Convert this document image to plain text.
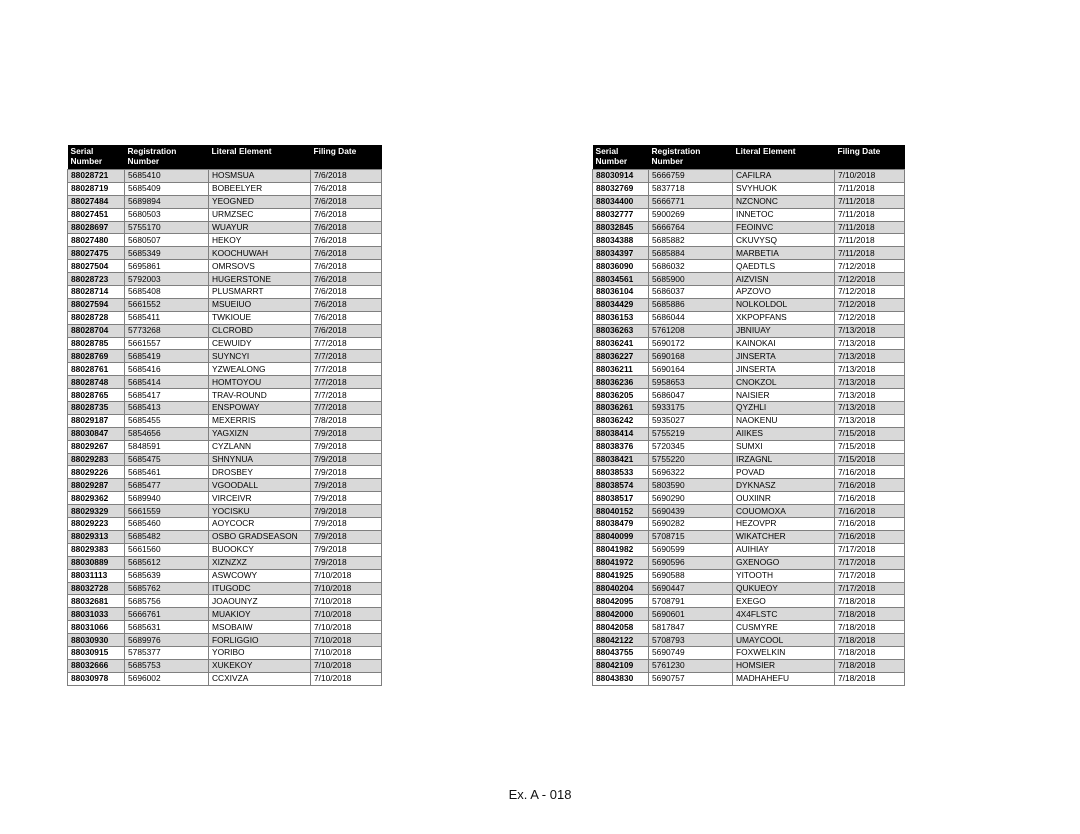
Serial Number	Registration Number	Literal Element	Filing Date
88028721	5685410	HOSMSUA	7/6/2018
88028719	5685409	BOBEELYER	7/6/2018
88027484	5689894	YEOGNED	7/6/2018
88027451	5680503	URMZSEC	7/6/2018
88028697	5755170	WUAYUR	7/6/2018
88027480	5680507	HEKOY	7/6/2018
88027475	5685349	KOOCHUWAH	7/6/2018
88027504	5695861	OMRSOVS	7/6/2018
88028723	5792003	HUGERSTONE	7/6/2018
88028714	5685408	PLUSMARRT	7/6/2018
88027594	5661552	MSUEIUO	7/6/2018
88028728	5685411	TWKIOUE	7/6/2018
88028704	5773268	CLCROBD	7/6/2018
88028785	5661557	CEWUIDY	7/7/2018
88028769	5685419	SUYNCYI	7/7/2018
88028761	5685416	YZWEALONG	7/7/2018
88028748	5685414	HOMTOYOU	7/7/2018
88028765	5685417	TRAV-ROUND	7/7/2018
88028735	5685413	ENSPOWAY	7/7/2018
88029187	5685455	MEXERRIS	7/8/2018
88030847	5854656	YAGXIZN	7/9/2018
88029267	5848591	CYZLANN	7/9/2018
88029283	5685475	SHNYNUA	7/9/2018
88029226	5685461	DROSBEY	7/9/2018
88029287	5685477	VGOODALL	7/9/2018
88029362	5689940	VIRCEIVR	7/9/2018
88029329	5661559	YOCISKU	7/9/2018
88029223	5685460	AOYCOCR	7/9/2018
88029313	5685482	OSBO GRADSEASON	7/9/2018
88029383	5661560	BUOOKCY	7/9/2018
88030889	5685612	XIZNZXZ	7/9/2018
88031113	5685639	ASWCOWY	7/10/2018
88032728	5685762	ITUGODC	7/10/2018
88032681	5685756	JOAOUNYZ	7/10/2018
88031033	5666761	MUAKIOY	7/10/2018
88031066	5685631	MSOBAIW	7/10/2018
88030930	5689976	FORLIGGIO	7/10/2018
88030915	5785377	YORIBO	7/10/2018
88032666	5685753	XUKEKOY	7/10/2018
88030978	5696002	CCXIVZA	7/10/2018
Serial Number	Registration Number	Literal Element	Filing Date
88030914	5666759	CAFILRA	7/10/2018
88032769	5837718	SVYHUOK	7/11/2018
88034400	5666771	NZCNONC	7/11/2018
88032777	5900269	INNETOC	7/11/2018
88032845	5666764	FEOINVC	7/11/2018
88034388	5685882	CKUVYSQ	7/11/2018
88034397	5685884	MARBETIA	7/11/2018
88036090	5686032	QAEDTLS	7/12/2018
88034561	5685900	AIZVISN	7/12/2018
88036104	5686037	APZOVO	7/12/2018
88034429	5685886	NOLKOLDOL	7/12/2018
88036153	5686044	XKPOPFANS	7/12/2018
88036263	5761208	JBNIUAY	7/13/2018
88036241	5690172	KAINOKAI	7/13/2018
88036227	5690168	JINSERTA	7/13/2018
88036211	5690164	JINSERTA	7/13/2018
88036236	5958653	CNOKZOL	7/13/2018
88036205	5686047	NAISIER	7/13/2018
88036261	5933175	QYZHLI	7/13/2018
88036242	5935027	NAOKENU	7/13/2018
88038414	5755219	AIIKES	7/15/2018
88038376	5720345	SUMXI	7/15/2018
88038421	5755220	IRZAGNL	7/15/2018
88038533	5696322	POVAD	7/16/2018
88038574	5803590	DYKNASZ	7/16/2018
88038517	5690290	OUXIINR	7/16/2018
88040152	5690439	COUOMOXA	7/16/2018
88038479	5690282	HEZOVPR	7/16/2018
88040099	5708715	WIKATCHER	7/16/2018
88041982	5690599	AUIHIAY	7/17/2018
88041972	5690596	GXENOGO	7/17/2018
88041925	5690588	YITOOTH	7/17/2018
88040204	5690447	QUKUEOY	7/17/2018
88042095	5708791	EXEGO	7/18/2018
88042000	5690601	4X4FLSTC	7/18/2018
88042058	5817847	CUSMYRE	7/18/2018
88042122	5708793	UMAYCOOL	7/18/2018
88043755	5690749	FOXWELKIN	7/18/2018
88042109	5761230	HOMSIER	7/18/2018
88043830	5690757	MADHAHEFU	7/18/2018
Ex. A - 018
